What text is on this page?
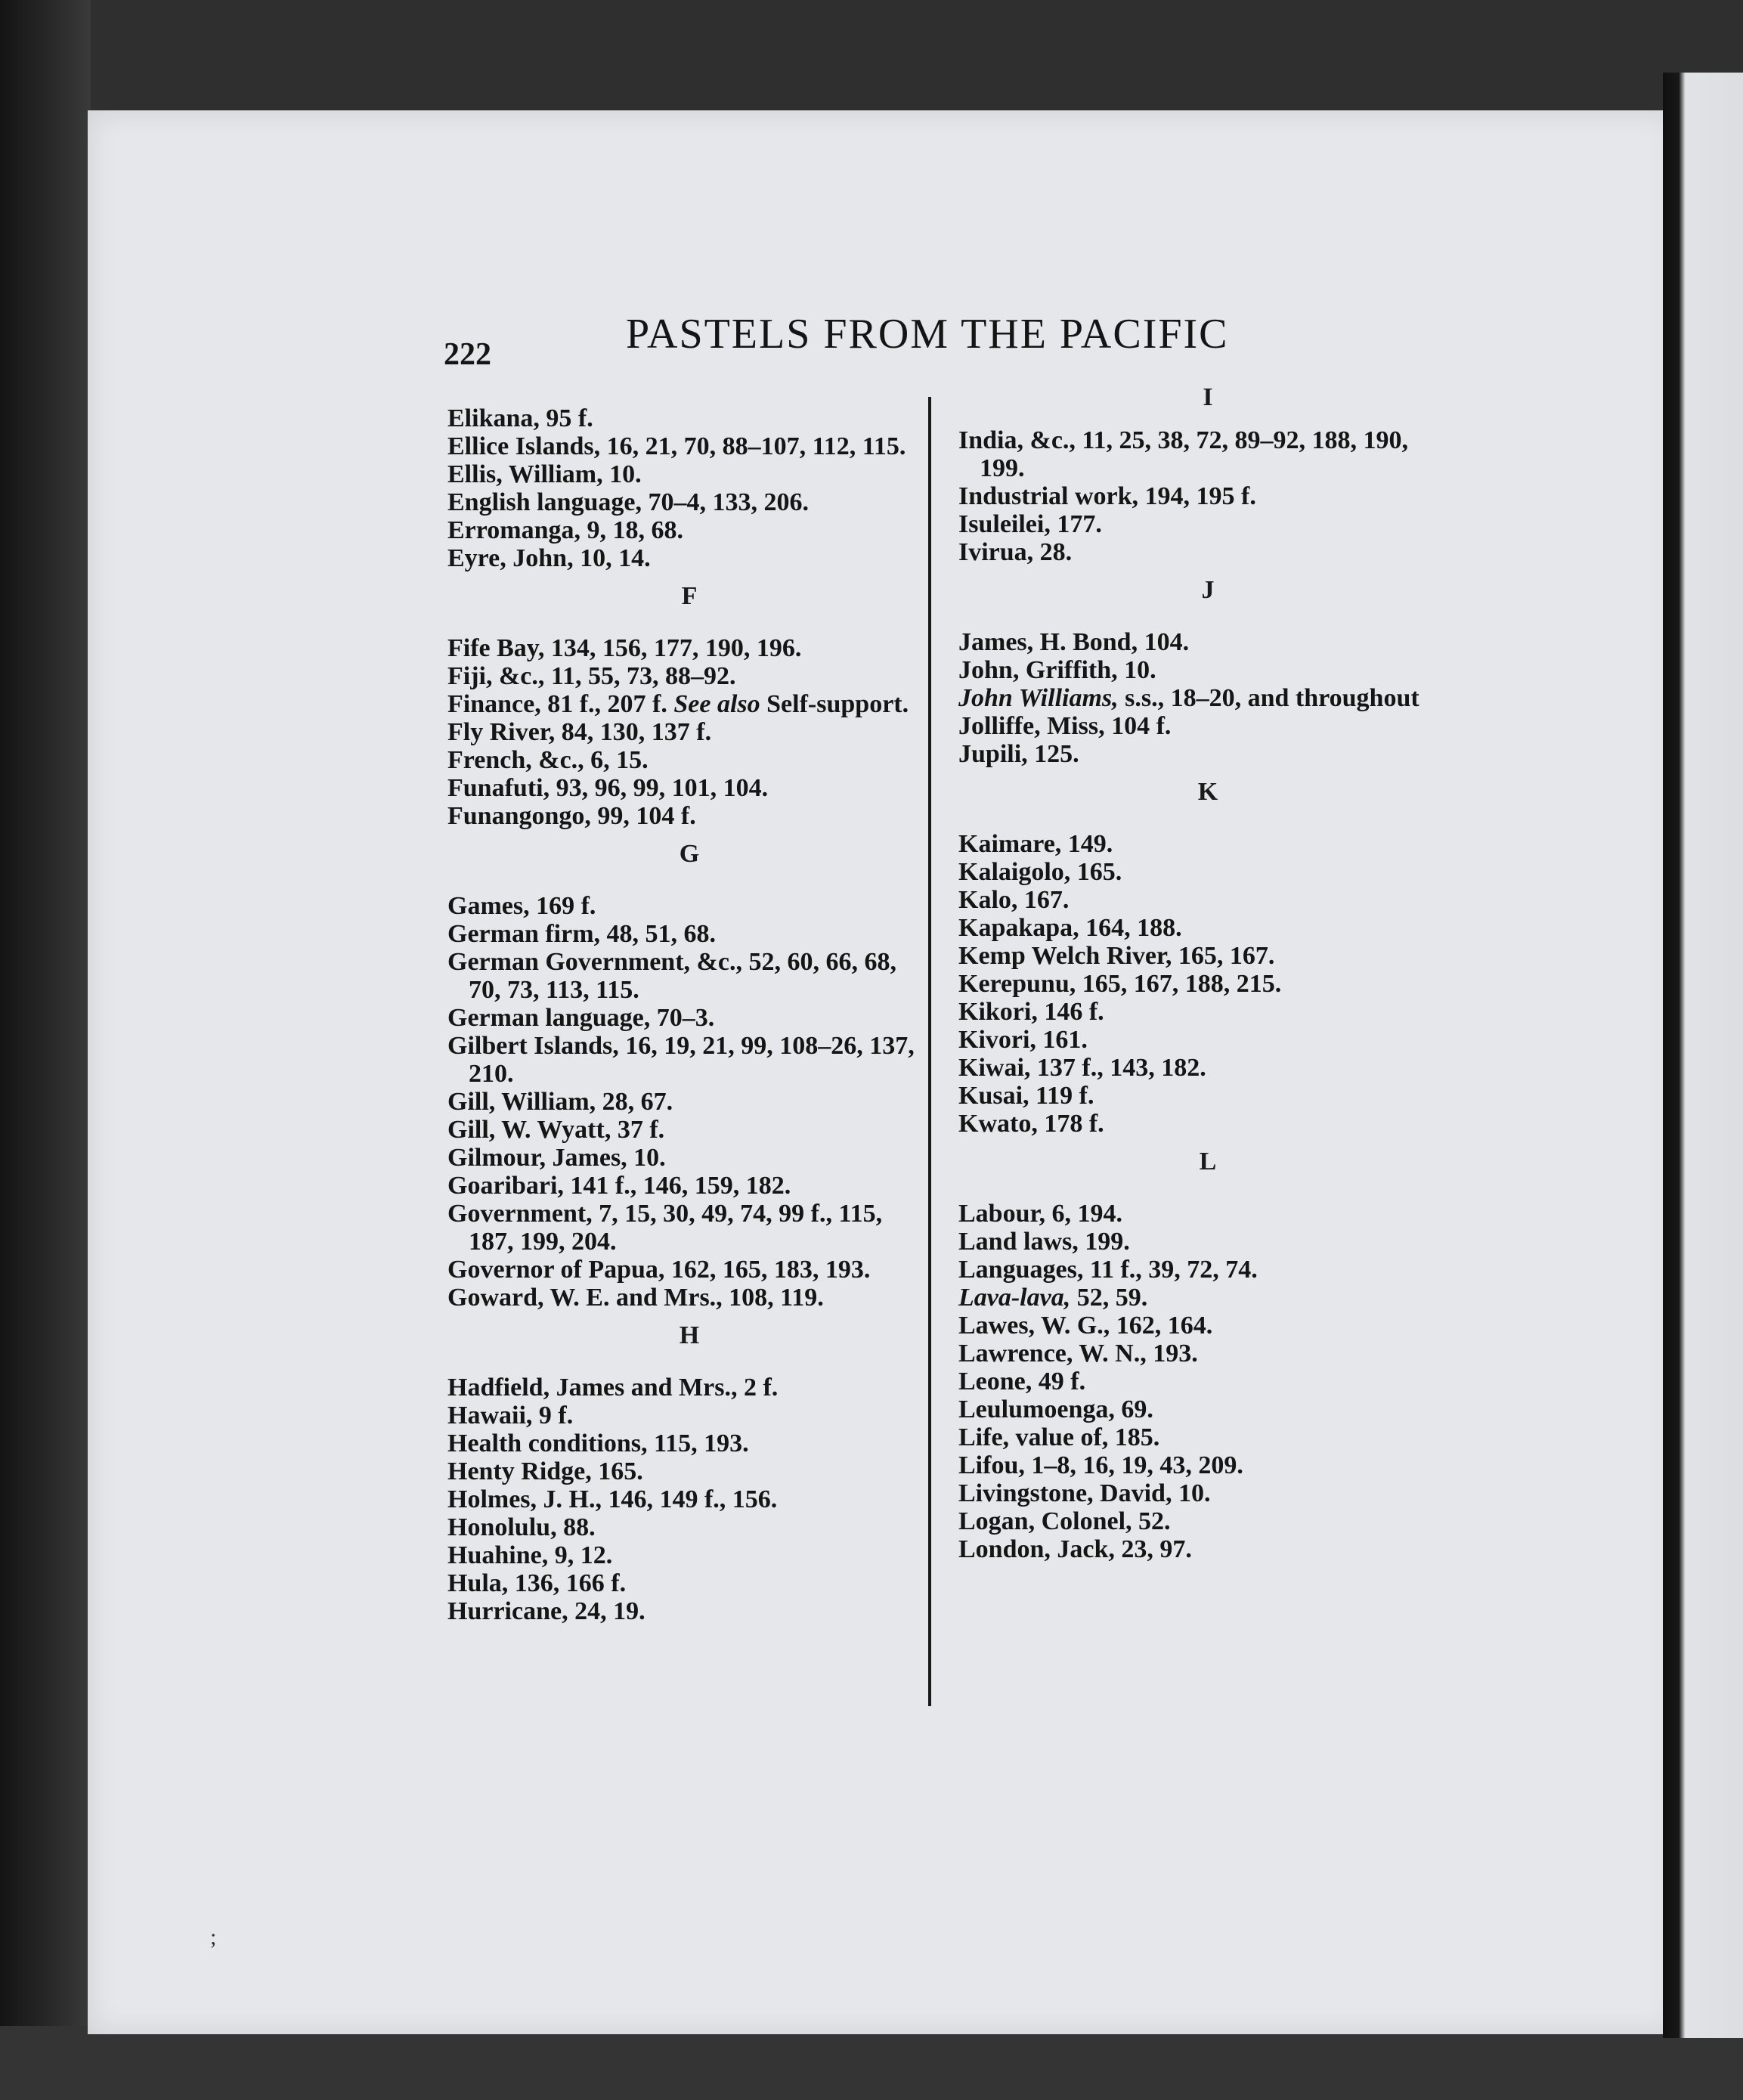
222	PASTELS FROM THE PACIFIC
Elikana, 95 f.
Ellice Islands, 16, 21, 70, 88–107, 112, 115.
Ellis, William, 10.
English language, 70–4, 133, 206.
Erromanga, 9, 18, 68.
Eyre, John, 10, 14.
F
Fife Bay, 134, 156, 177, 190, 196.
Fiji, &c., 11, 55, 73, 88–92.
Finance, 81 f., 207 f. See also Self-support.
Fly River, 84, 130, 137 f.
French, &c., 6, 15.
Funafuti, 93, 96, 99, 101, 104.
Funangongo, 99, 104 f.
G
Games, 169 f.
German firm, 48, 51, 68.
German Government, &c., 52, 60, 66, 68, 70, 73, 113, 115.
German language, 70–3.
Gilbert Islands, 16, 19, 21, 99, 108–26, 137, 210.
Gill, William, 28, 67.
Gill, W. Wyatt, 37 f.
Gilmour, James, 10.
Goaribari, 141 f., 146, 159, 182.
Government, 7, 15, 30, 49, 74, 99 f., 115, 187, 199, 204.
Governor of Papua, 162, 165, 183, 193.
Goward, W. E. and Mrs., 108, 119.
H
Hadfield, James and Mrs., 2 f.
Hawaii, 9 f.
Health conditions, 115, 193.
Henty Ridge, 165.
Holmes, J. H., 146, 149 f., 156.
Honolulu, 88.
Huahine, 9, 12.
Hula, 136, 166 f.
Hurricane, 24, 19.
I
India, &c., 11, 25, 38, 72, 89–92, 188, 190, 199.
Industrial work, 194, 195 f.
Isuleilei, 177.
Ivirua, 28.
J
James, H. Bond, 104.
John, Griffith, 10.
John Williams, s.s., 18–20, and throughout
Jolliffe, Miss, 104 f.
Jupili, 125.
K
Kaimare, 149.
Kalaigolo, 165.
Kalo, 167.
Kapakapa, 164, 188.
Kemp Welch River, 165, 167.
Kerepunu, 165, 167, 188, 215.
Kikori, 146 f.
Kivori, 161.
Kiwai, 137 f., 143, 182.
Kusai, 119 f.
Kwato, 178 f.
L
Labour, 6, 194.
Land laws, 199.
Languages, 11 f., 39, 72, 74.
Lava-lava, 52, 59.
Lawes, W. G., 162, 164.
Lawrence, W. N., 193.
Leone, 49 f.
Leulumoenga, 69.
Life, value of, 185.
Lifou, 1–8, 16, 19, 43, 209.
Livingstone, David, 10.
Logan, Colonel, 52.
London, Jack, 23, 97.
;
